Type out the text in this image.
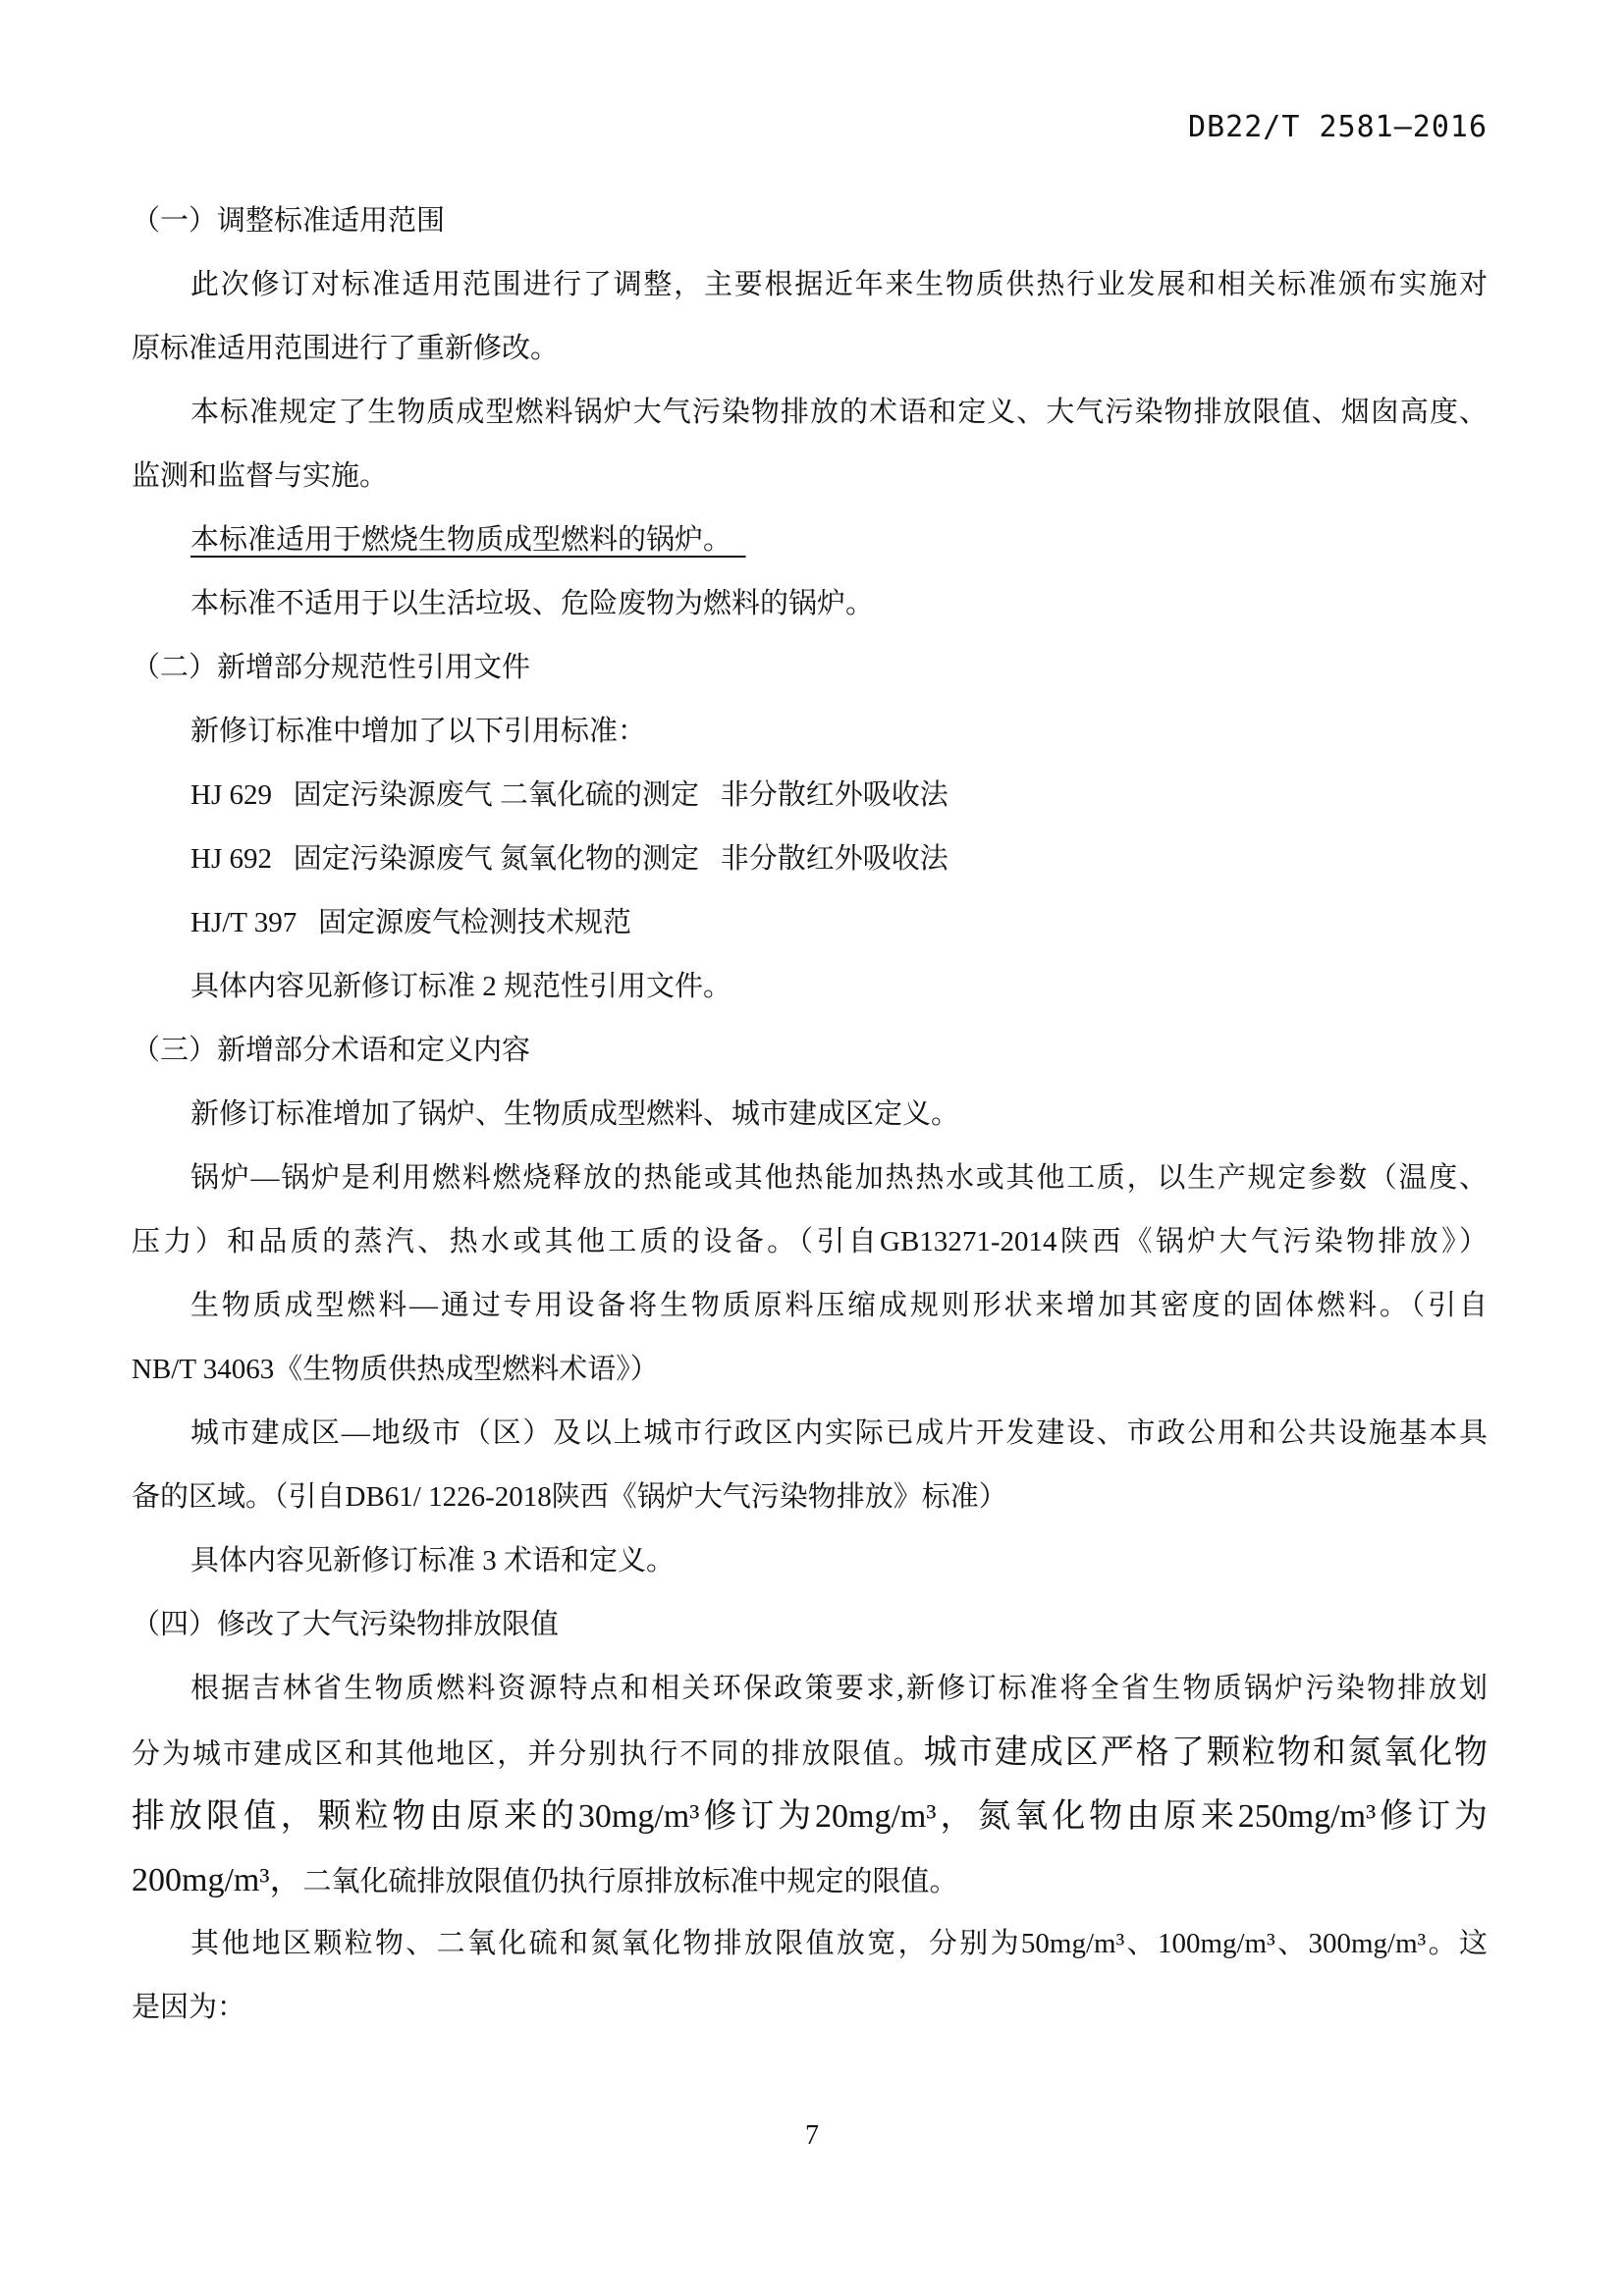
DB22/T 2581—2016
（一）调整标准适用范围
此次修订对标准适用范围进行了调整，主要根据近年来生物质供热行业发展和相关标准颁布实施对
原标准适用范围进行了重新修改。
本标准规定了生物质成型燃料锅炉大气污染物排放的术语和定义、大气污染物排放限值、烟囱高度、
监测和监督与实施。
本标准适用于燃烧生物质成型燃料的锅炉。　
本标准不适用于以生活垃圾、危险废物为燃料的锅炉。
（二）新增部分规范性引用文件
新修订标准中增加了以下引用标准：
HJ 629   固定污染源废气 二氧化硫的测定   非分散红外吸收法
HJ 692   固定污染源废气 氮氧化物的测定   非分散红外吸收法
HJ/T 397   固定源废气检测技术规范
具体内容见新修订标准 2 规范性引用文件。
（三）新增部分术语和定义内容
新修订标准增加了锅炉、生物质成型燃料、城市建成区定义。
锅炉—锅炉是利用燃料燃烧释放的热能或其他热能加热热水或其他工质，以生产规定参数（温度、
压力）和品质的蒸汽、热水或其他工质的设备。（引自GB13271-2014陕西《锅炉大气污染物排放》）
生物质成型燃料—通过专用设备将生物质原料压缩成规则形状来增加其密度的固体燃料。（引自
NB/T 34063《生物质供热成型燃料术语》）
城市建成区—地级市（区）及以上城市行政区内实际已成片开发建设、市政公用和公共设施基本具
备的区域。（引自DB61/ 1226-2018陕西《锅炉大气污染物排放》标准）
具体内容见新修订标准 3 术语和定义。
（四）修改了大气污染物排放限值
根据吉林省生物质燃料资源特点和相关环保政策要求,新修订标准将全省生物质锅炉污染物排放划
分为城市建成区和其他地区，并分别执行不同的排放限值。城市建成区严格了颗粒物和氮氧化物
排放限值，颗粒物由原来的30mg/m³修订为20mg/m³，氮氧化物由原来250mg/m³修订为
200mg/m³，二氧化硫排放限值仍执行原排放标准中规定的限值。
其他地区颗粒物、二氧化硫和氮氧化物排放限值放宽，分别为50mg/m³、100mg/m³、300mg/m³。这
是因为：
7
